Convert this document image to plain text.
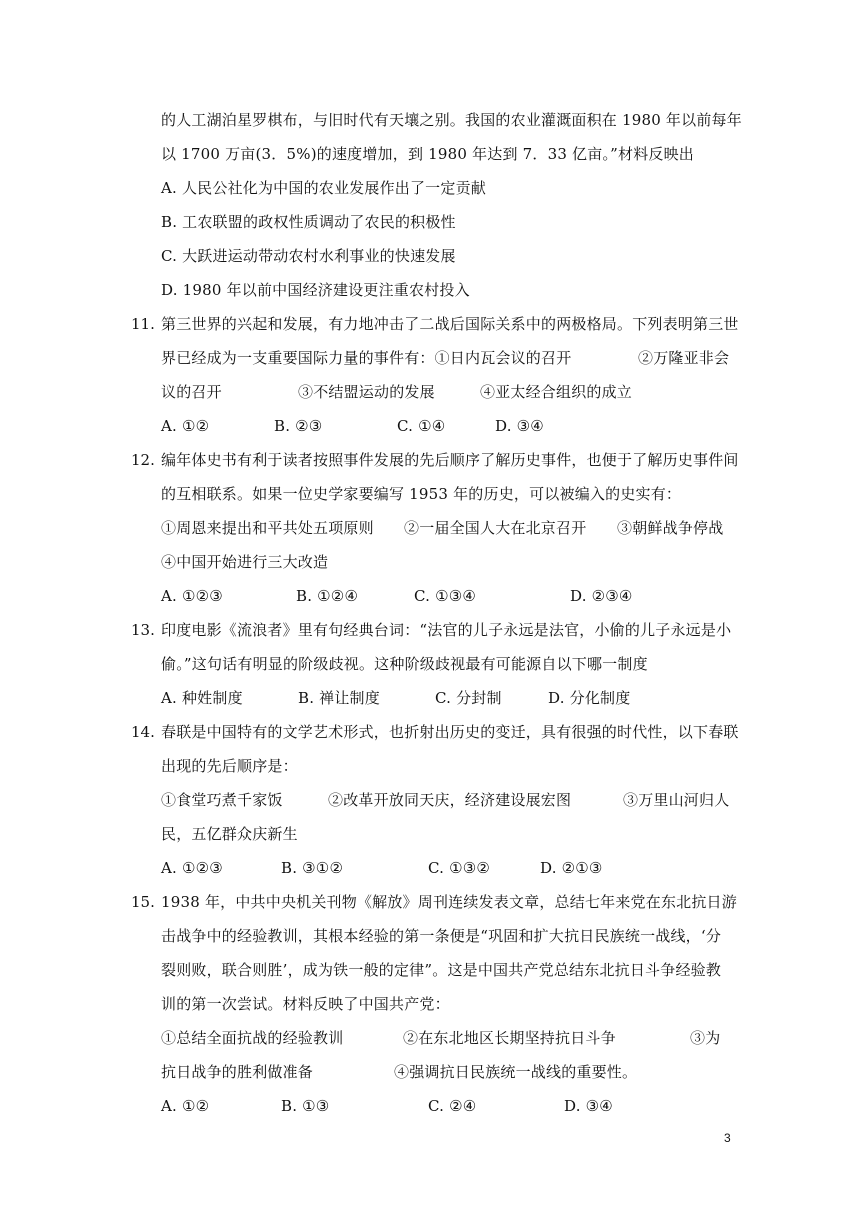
的人工湖泊星罗棋布，与旧时代有天壤之别。我国的农业灌溉面积在 1980 年以前每年
以 1700 万亩(3．5%)的速度增加，到 1980 年达到 7．33 亿亩。”材料反映出
A. 人民公社化为中国的农业发展作出了一定贡献
B. 工农联盟的政权性质调动了农民的积极性
C. 大跃进运动带动农村水利事业的快速发展
D. 1980 年以前中国经济建设更注重农村投入
11. 第三世界的兴起和发展，有力地冲击了二战后国际关系中的两极格局。下列表明第三世
界已经成为一支重要国际力量的事件有：①日内瓦会议的召开	②万隆亚非会
议的召开	③不结盟运动的发展	④亚太经合组织的成立
A. ①②	B. ②③	C. ①④	D. ③④
12. 编年体史书有利于读者按照事件发展的先后顺序了解历史事件，也便于了解历史事件间
的互相联系。如果一位史学家要编写 1953 年的历史，可以被编入的史实有：
①周恩来提出和平共处五项原则 ②一届全国人大在北京召开 ③朝鲜战争停战
④中国开始进行三大改造
A. ①②③	B. ①②④	C. ①③④	D. ②③④
13. 印度电影《流浪者》里有句经典台词：“法官的儿子永远是法官，小偷的儿子永远是小
偷。”这句话有明显的阶级歧视。这种阶级歧视最有可能源自以下哪一制度
A. 种姓制度	B. 禅让制度	C. 分封制	D. 分化制度
14. 春联是中国特有的文学艺术形式，也折射出历史的变迁，具有很强的时代性，以下春联
出现的先后顺序是：
①食堂巧煮千家饭	②改革开放同天庆，经济建设展宏图	③万里山河归人
民，五亿群众庆新生
A. ①②③	B. ③①②	C. ①③②	D. ②①③
15. 1938 年，中共中央机关刊物《解放》周刊连续发表文章，总结七年来党在东北抗日游
击战争中的经验教训，其根本经验的第一条便是“巩固和扩大抗日民族统一战线，‘分
裂则败，联合则胜’，成为铁一般的定律”。这是中国共产党总结东北抗日斗争经验教
训的第一次尝试。材料反映了中国共产党：
①总结全面抗战的经验教训	②在东北地区长期坚持抗日斗争	③为
抗日战争的胜利做准备	④强调抗日民族统一战线的重要性。
A. ①②	B. ①③	C. ②④	D. ③④
3
